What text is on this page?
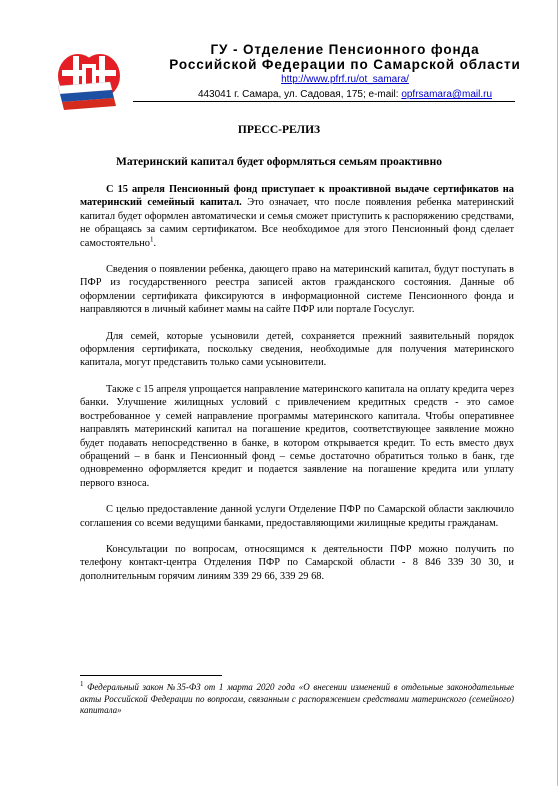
ГУ - Отделение Пенсионного фонда
Российской Федерации по Самарской области
http://www.pfrf.ru/ot_samara/
443041 г. Самара, ул. Садовая, 175; e-mail: opfrsamara@mail.ru
ПРЕСС-РЕЛИЗ
Материнский капитал будет оформляться семьям проактивно

С 15 апреля Пенсионный фонд приступает к проактивной выдаче сертификатов на материнский семейный капитал. Это означает, что после появления ребенка материнский капитал будет оформлен автоматически и семья сможет приступить к распоряжению средствами, не обращаясь за самим сертификатом. Все необходимое для этого Пенсионный фонд сделает самостоятельно$^1$.

Сведения о появлении ребенка, дающего право на материнский капитал, будут поступать в ПФР из государственного реестра записей актов гражданского состояния. Данные об оформлении сертификата фиксируются в информационной системе Пенсионного фонда и направляются в личный кабинет мамы на сайте ПФР или портале Госуслуг.

Для семей, которые усыновили детей, сохраняется прежний заявительный порядок оформления сертификата, поскольку сведения, необходимые для получения материнского капитала, могут представить только сами усыновители.

Также с 15 апреля упрощается направление материнского капитала на оплату кредита через банки. Улучшение жилищных условий с привлечением кредитных средств - это самое востребованное у семей направление программы материнского капитала. Чтобы оперативнее направлять материнский капитал на погашение кредитов, соответствующее заявление можно будет подавать непосредственно в банке, в котором открывается кредит. То есть вместо двух обращений – в банк и Пенсионный фонд – семье достаточно обратиться только в банк, где одновременно оформляется кредит и подается заявление на погашение кредита или уплату первого взноса.

С целью предоставление данной услуги Отделение ПФР по Самарской области заключило соглашения со всеми ведущими банками, предоставляющими жилищные кредиты гражданам.

Консультации по вопросам, относящимся к деятельности ПФР можно получить по телефону контакт-центра Отделения ПФР по Самарской области - 8 846 339 30 30, и дополнительным горячим линиям 339 29 66, 339 29 68.

$^1$ Федеральный закон №35-ФЗ от 1 марта 2020 года «О внесении изменений в отдельные законодательные акты Российской Федерации по вопросам, связанным с распоряжением средствами материнского (семейного) капитала»
